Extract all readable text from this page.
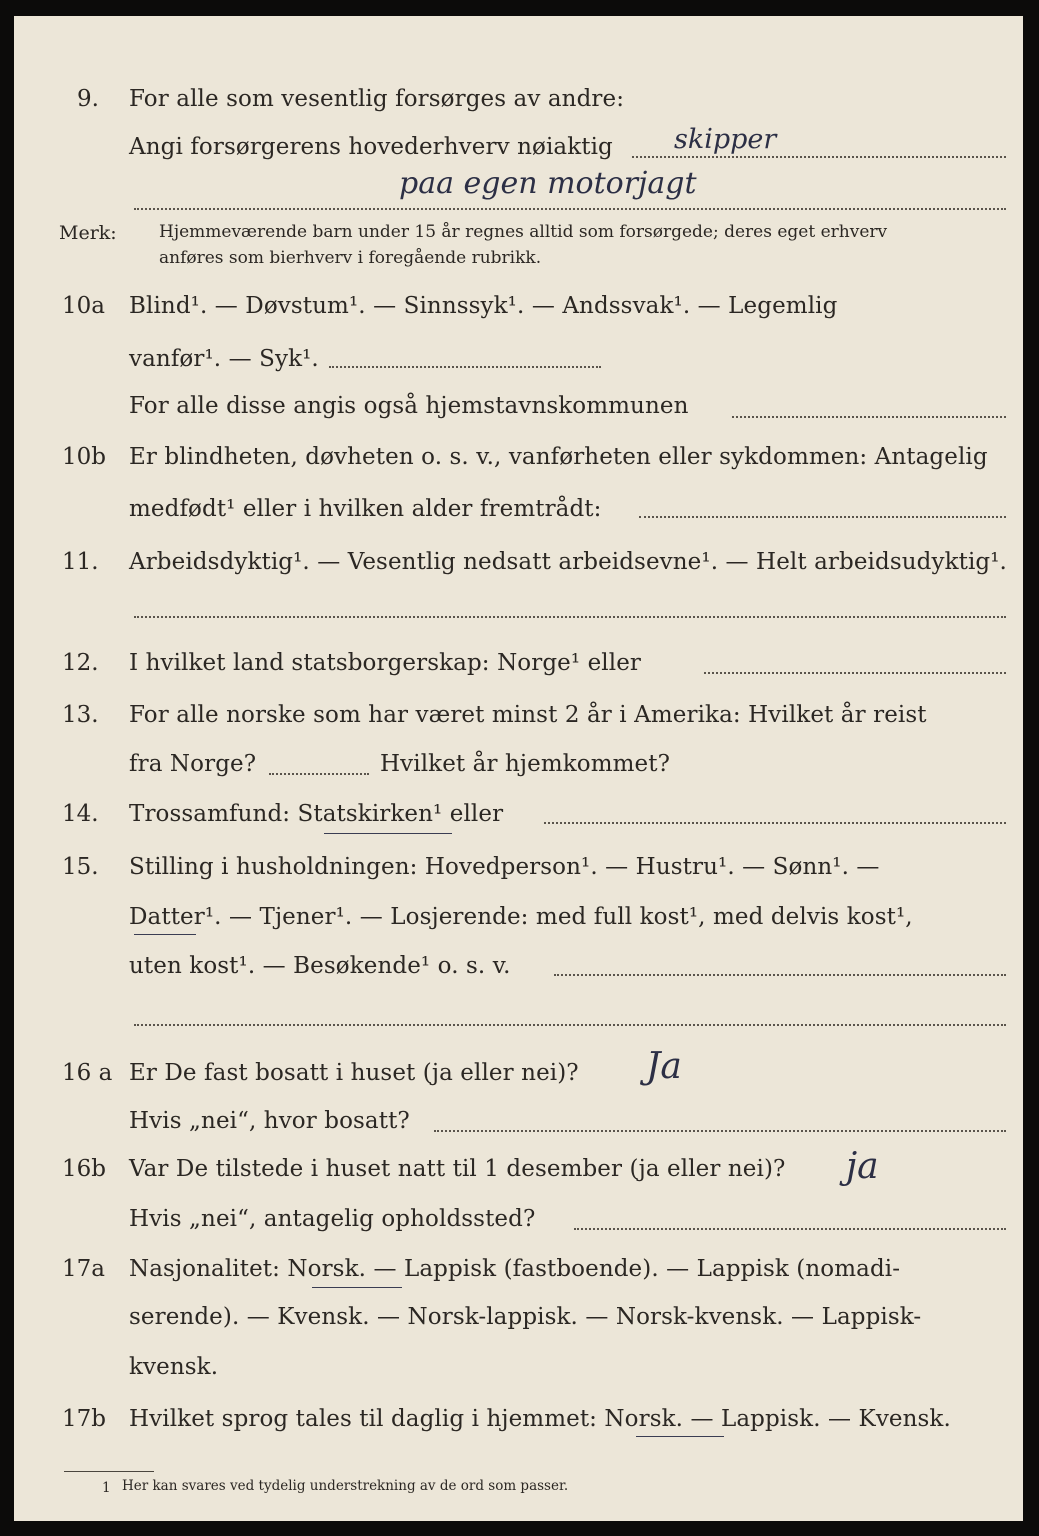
9. For alle som vesentlig forsørges av andre:
Angi forsørgerens hovederhverv nøiaktig skipper
paa egen motorjagt
Merk: Hjemmeværende barn under 15 år regnes alltid som forsørgede; deres eget erhverv
anføres som bierhverv i foregående rubrikk.
10a Blind¹. — Døvstum¹. — Sinnssyk¹. — Andssvak¹. — Legemlig
vanfør¹. — Syk¹.
For alle disse angis også hjemstavnskommunen
10b Er blindheten, døvheten o. s. v., vanførheten eller sykdommen: Antagelig
medfødt¹ eller i hvilken alder fremtrådt:
11. Arbeidsdyktig¹. — Vesentlig nedsatt arbeidsevne¹. — Helt arbeidsudyktig¹.
12. I hvilket land statsborgerskap: Norge¹ eller
13. For alle norske som har været minst 2 år i Amerika: Hvilket år reist
fra Norge?	Hvilket år hjemkommet?
14. Trossamfund: Statskirken¹ eller
15. Stilling i husholdningen: Hovedperson¹. — Hustru¹. — Sønn¹. —
Datter¹. — Tjener¹. — Losjerende: med full kost¹, med delvis kost¹,
uten kost¹. — Besøkende¹ o. s. v.
16 a Er De fast bosatt i huset (ja eller nei)? Ja
Hvis „nei“, hvor bosatt?
16b Var De tilstede i huset natt til 1 desember (ja eller nei)? ja
Hvis „nei“, antagelig opholdssted?
17a Nasjonalitet: Norsk. — Lappisk (fastboende). — Lappisk (nomadi-
serende). — Kvensk. — Norsk-lappisk. — Norsk-kvensk. — Lappisk-
kvensk.
17b Hvilket sprog tales til daglig i hjemmet: Norsk. — Lappisk. — Kvensk.
1 Her kan svares ved tydelig understrekning av de ord som passer.
